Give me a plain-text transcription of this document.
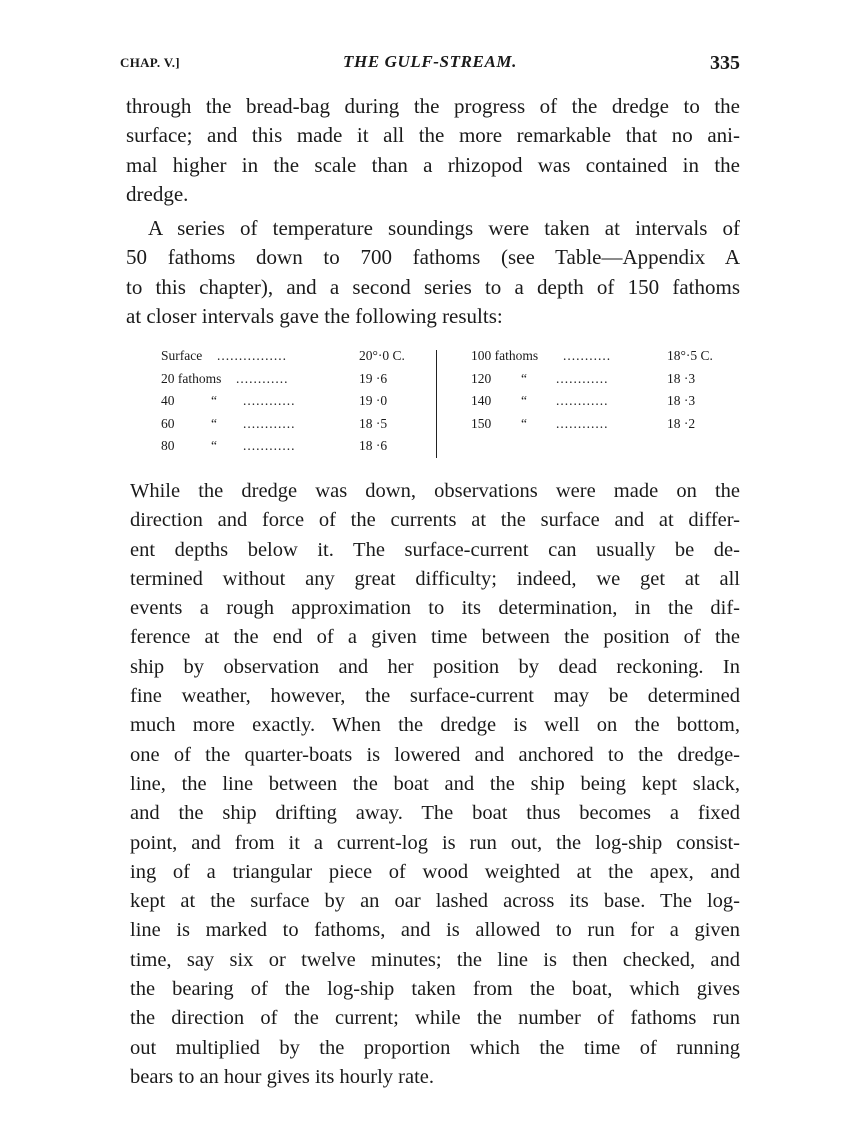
CHAP. V.]	THE GULF-STREAM.	335
through the bread-bag during the progress of the dredge to the
surface; and this made it all the more remarkable that no ani-
mal higher in the scale than a rhizopod was contained in the
dredge.
A series of temperature soundings were taken at intervals of
50 fathoms down to 700 fathoms (see Table—Appendix A
to this chapter), and a second series to a depth of 150 fathoms
at closer intervals gave the following results:
Surface ................	20°·0 C.
20 fathoms ............	19 ·6
40	“ ............	19 ·0
60	“ ............	18 ·5
80	“ ............	18 ·6
100 fathoms ...........	18°·5 C.
120 “ ............	18 ·3
140 “ ............	18 ·3
150 “ ............	18 ·2
While the dredge was down, observations were made on the
direction and force of the currents at the surface and at differ-
ent depths below it. The surface-current can usually be de-
termined without any great difficulty; indeed, we get at all
events a rough approximation to its determination, in the dif-
ference at the end of a given time between the position of the
ship by observation and her position by dead reckoning. In
fine weather, however, the surface-current may be determined
much more exactly. When the dredge is well on the bottom,
one of the quarter-boats is lowered and anchored to the dredge-
line, the line between the boat and the ship being kept slack,
and the ship drifting away. The boat thus becomes a fixed
point, and from it a current-log is run out, the log-ship consist-
ing of a triangular piece of wood weighted at the apex, and
kept at the surface by an oar lashed across its base. The log-
line is marked to fathoms, and is allowed to run for a given
time, say six or twelve minutes; the line is then checked, and
the bearing of the log-ship taken from the boat, which gives
the direction of the current; while the number of fathoms run
out multiplied by the proportion which the time of running
bears to an hour gives its hourly rate.
